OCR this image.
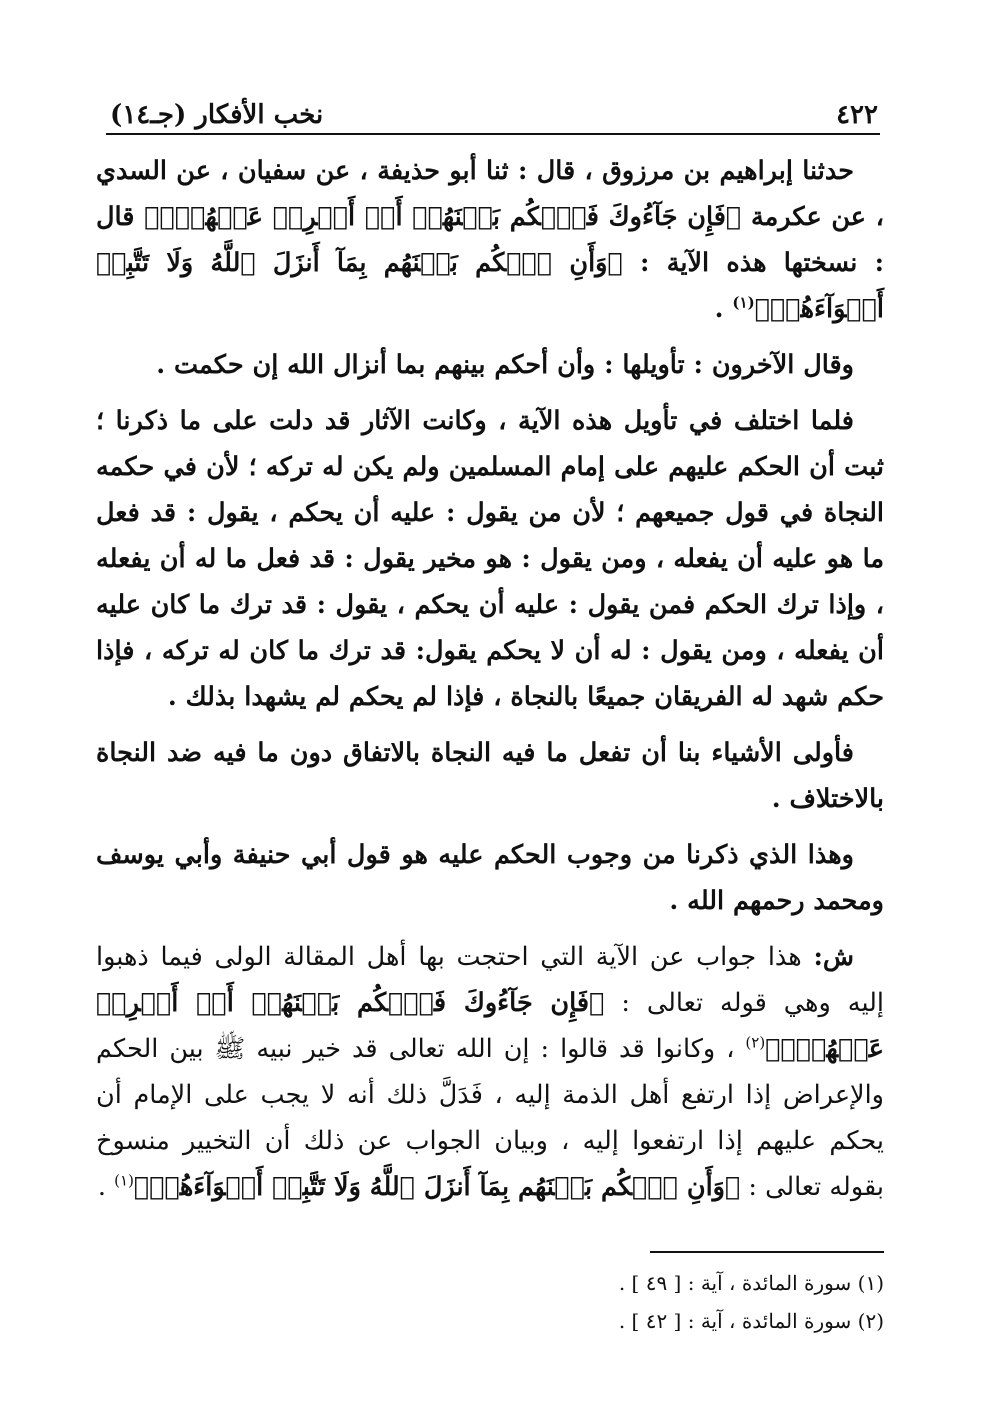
٤٢٢
نخب الأفكار (جـ١٤)

حدثنا إبراهيم بن مرزوق ، قال : ثنا أبو حذيفة ، عن سفيان ، عن السدي ، عن عكرمة ﴿فَإِن جَآءُوكَ فَٱحۡكُم بَيۡنَهُمۡ أَوۡ أَعۡرِضۡ عَنۡهُمۡۖ﴾ قال : نسختها هذه الآية : ﴿وَأَنِ ٱحۡكُم بَيۡنَهُم بِمَآ أَنزَلَ ٱللَّهُ وَلَا تَتَّبِعۡ أَهۡوَآءَهُمۡ﴾$^{(١)}$ .

وقال الآخرون : تأويلها : وأن أحكم بينهم بما أنزال الله إن حكمت .

فلما اختلف في تأويل هذه الآية ، وكانت الآثار قد دلت على ما ذكرنا ؛ ثبت أن الحكم عليهم على إمام المسلمين ولم يكن له تركه ؛ لأن في حكمه النجاة في قول جميعهم ؛ لأن من يقول : عليه أن يحكم ، يقول : قد فعل ما هو عليه أن يفعله ، ومن يقول : هو مخير يقول : قد فعل ما له أن يفعله ، وإذا ترك الحكم فمن يقول : عليه أن يحكم ، يقول : قد ترك ما كان عليه أن يفعله ، ومن يقول : له أن لا يحكم يقول: قد ترك ما كان له تركه ، فإذا حكم شهد له الفريقان جميعًا بالنجاة ، فإذا لم يحكم لم يشهدا بذلك .

فأولى الأشياء بنا أن تفعل ما فيه النجاة بالاتفاق دون ما فيه ضد النجاة بالاختلاف .

وهذا الذي ذكرنا من وجوب الحكم عليه هو قول أبي حنيفة وأبي يوسف ومحمد رحمهم الله .

ش: هذا جواب عن الآية التي احتجت بها أهل المقالة الولى فيما ذهبوا إليه وهي قوله تعالى : ﴿فَإِن جَآءُوكَ فَٱحۡكُم بَيۡنَهُمۡ أَوۡ أَعۡرِضۡ عَنۡهُمۡۖ﴾$^{(٢)}$ ، وكانوا قد قالوا : إن الله تعالى قد خير نبيه ﷺ بين الحكم والإعراض إذا ارتفع أهل الذمة إليه ، فَدَلَّ ذلك أنه لا يجب على الإمام أن يحكم عليهم إذا ارتفعوا إليه ، وبيان الجواب عن ذلك أن التخيير منسوخ بقوله تعالى : ﴿وَأَنِ ٱحۡكُم بَيۡنَهُم بِمَآ أَنزَلَ ٱللَّهُ وَلَا تَتَّبِعۡ أَهۡوَآءَهُمۡ﴾$^{(١)}$ .

(١) سورة المائدة ، آية : [ ٤٩ ] .

(٢) سورة المائدة ، آية : [ ٤٢ ] .
